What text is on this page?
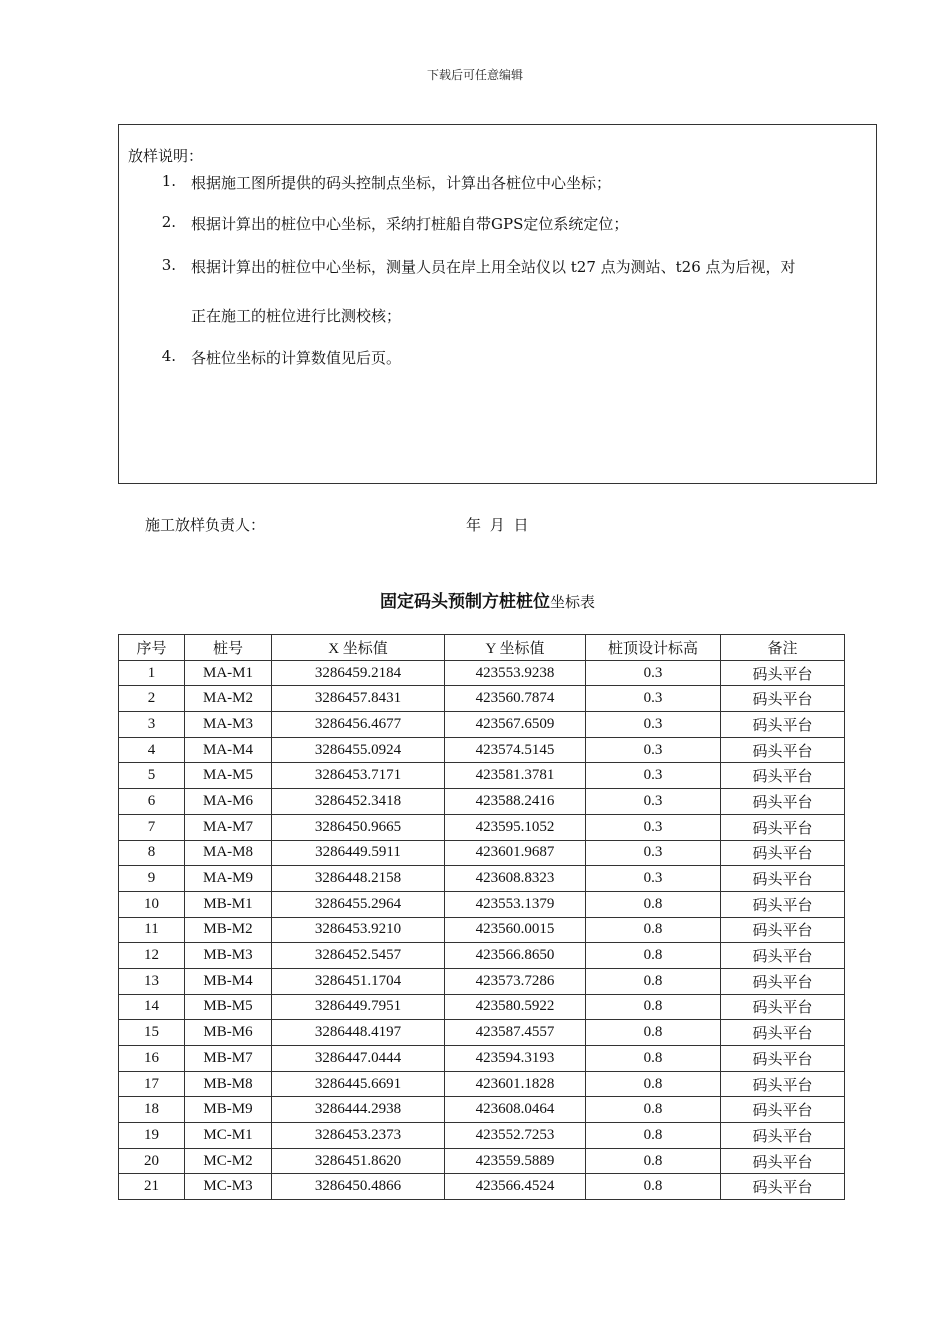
下载后可任意编辑
放样说明：
1. 根据施工图所提供的码头控制点坐标，计算出各桩位中心坐标；
2. 根据计算出的桩位中心坐标，采纳打桩船自带GPS定位系统定位；
3. 根据计算出的桩位中心坐标，测量人员在岸上用全站仪以 t27 点为测站、t26 点为后视，对
正在施工的桩位进行比测校核；
4. 各桩位坐标的计算数值见后页。
施工放样负责人：	年 月 日
固定码头预制方桩桩位坐标表
序号	桩号	X 坐标值	Y 坐标值	桩顶设计标高	备注
1	MA-M1	3286459.2184	423553.9238	0.3	码头平台
2	MA-M2	3286457.8431	423560.7874	0.3	码头平台
3	MA-M3	3286456.4677	423567.6509	0.3	码头平台
4	MA-M4	3286455.0924	423574.5145	0.3	码头平台
5	MA-M5	3286453.7171	423581.3781	0.3	码头平台
6	MA-M6	3286452.3418	423588.2416	0.3	码头平台
7	MA-M7	3286450.9665	423595.1052	0.3	码头平台
8	MA-M8	3286449.5911	423601.9687	0.3	码头平台
9	MA-M9	3286448.2158	423608.8323	0.3	码头平台
10	MB-M1	3286455.2964	423553.1379	0.8	码头平台
11	MB-M2	3286453.9210	423560.0015	0.8	码头平台
12	MB-M3	3286452.5457	423566.8650	0.8	码头平台
13	MB-M4	3286451.1704	423573.7286	0.8	码头平台
14	MB-M5	3286449.7951	423580.5922	0.8	码头平台
15	MB-M6	3286448.4197	423587.4557	0.8	码头平台
16	MB-M7	3286447.0444	423594.3193	0.8	码头平台
17	MB-M8	3286445.6691	423601.1828	0.8	码头平台
18	MB-M9	3286444.2938	423608.0464	0.8	码头平台
19	MC-M1	3286453.2373	423552.7253	0.8	码头平台
20	MC-M2	3286451.8620	423559.5889	0.8	码头平台
21	MC-M3	3286450.4866	423566.4524	0.8	码头平台
